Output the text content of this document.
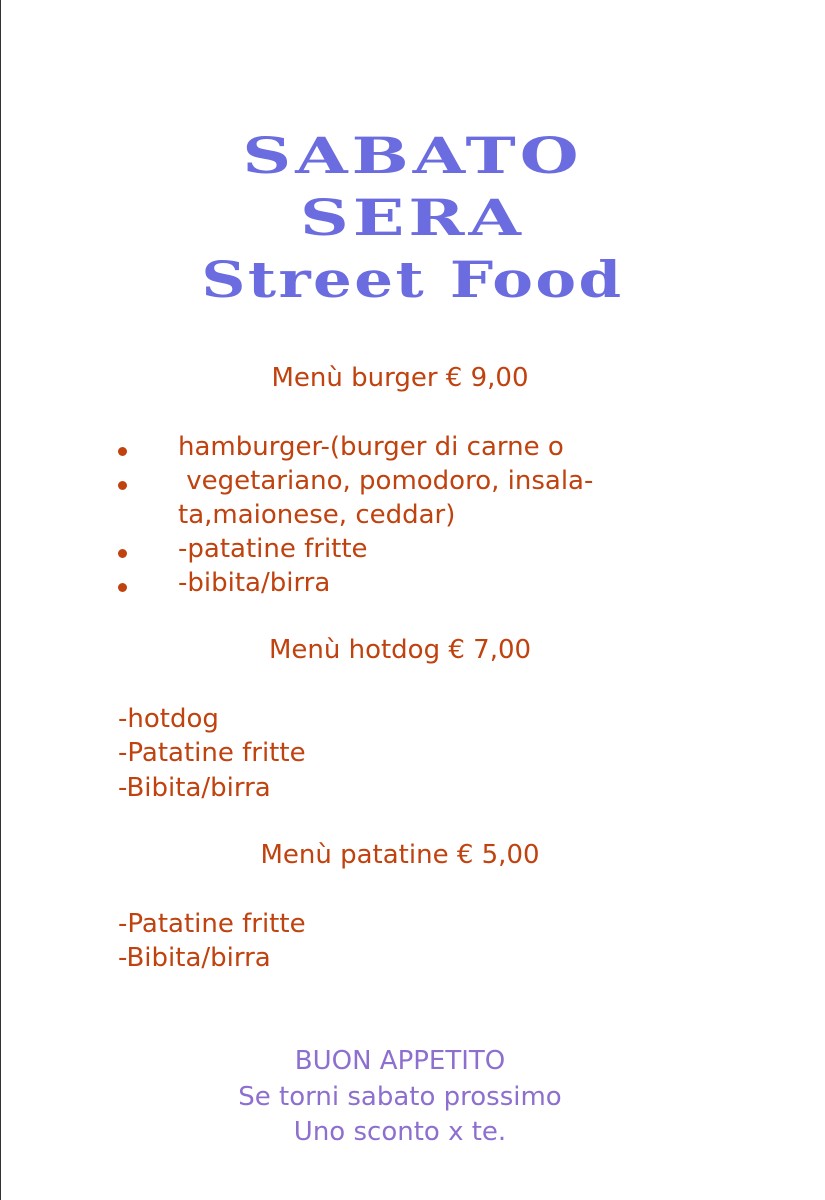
SABATO
SERA
Street Food
Menù burger € 9,00
hamburger-(burger di carne o
vegetariano, pomodoro, insala-
ta,maionese, ceddar)
-patatine fritte
-bibita/birra
Menù hotdog € 7,00
-hotdog
-Patatine fritte
-Bibita/birra
Menù patatine € 5,00
-Patatine fritte
-Bibita/birra
BUON APPETITO
Se torni sabato prossimo
Uno sconto x te.
